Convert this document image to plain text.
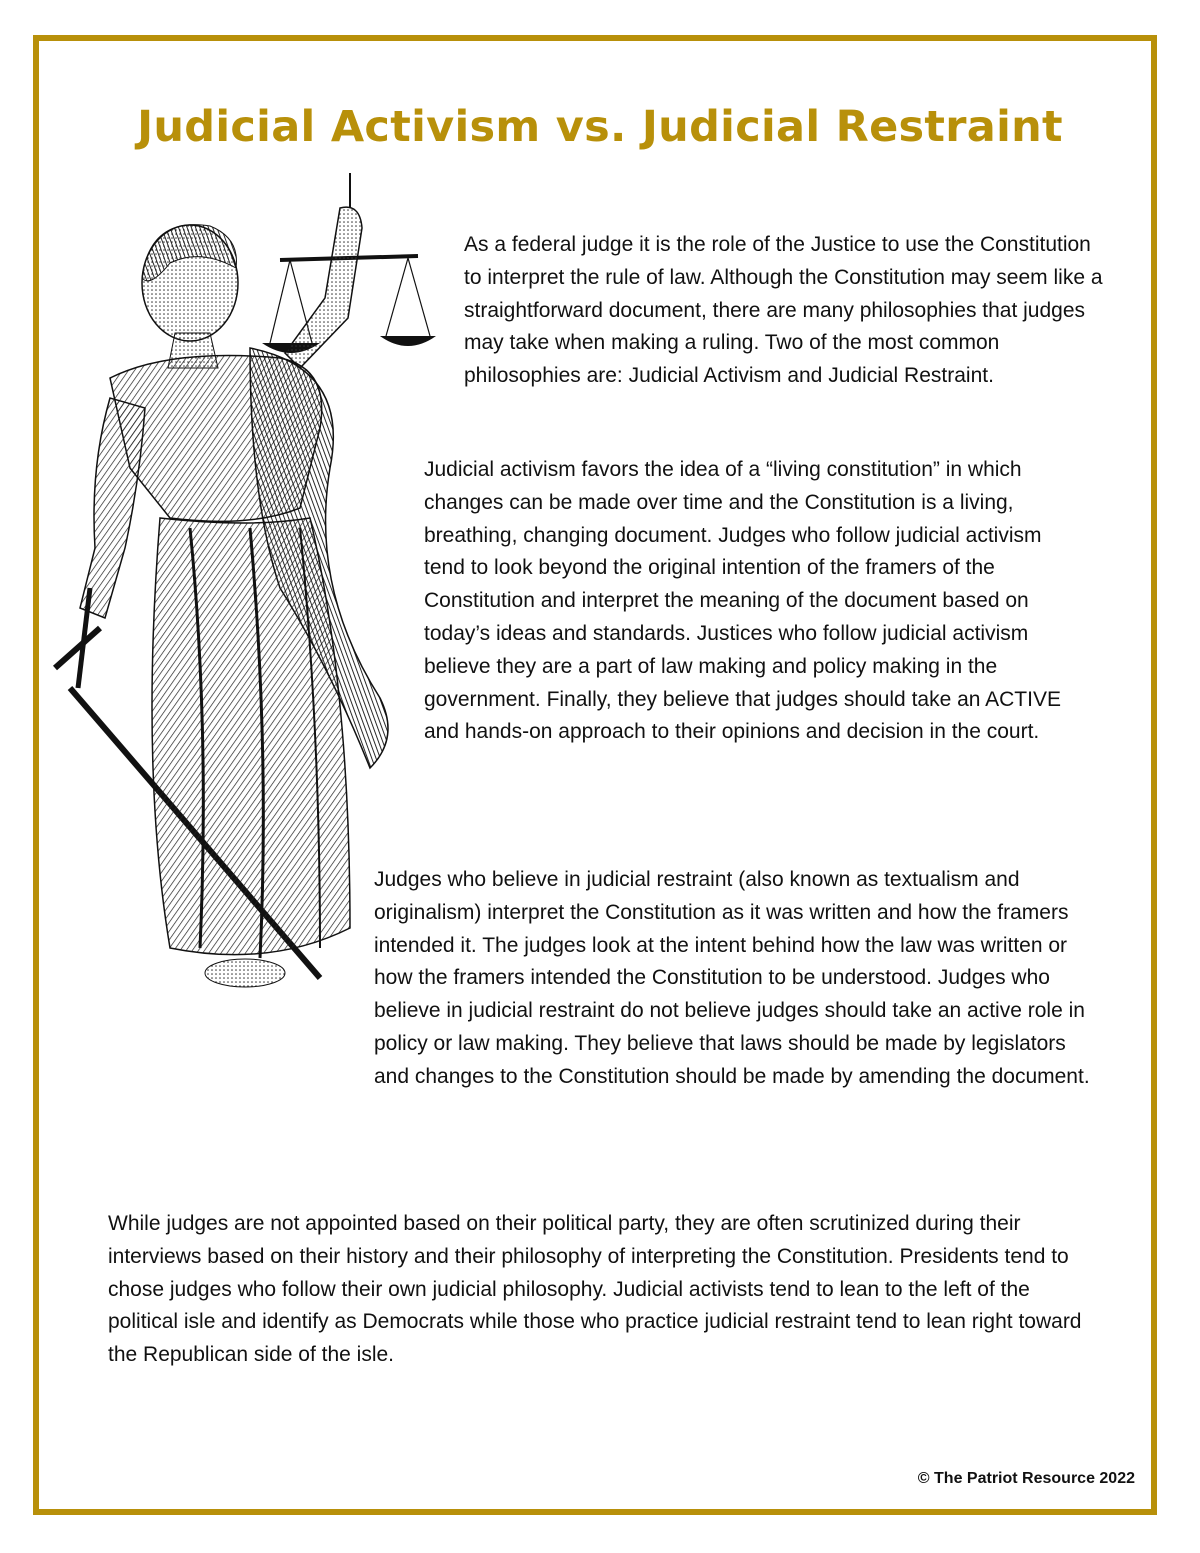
Judicial Activism vs. Judicial Restraint

As a federal judge it is the role of the Justice to use the Constitution to interpret the rule of law. Although the Constitution may seem like a straightforward document, there are many philosophies that judges may take when making a ruling. Two of the most common philosophies are: Judicial Activism and Judicial Restraint.

Judicial activism favors the idea of a “living constitution” in which changes can be made over time and the Constitution is a living, breathing, changing document. Judges who follow judicial activism tend to look beyond the original intention of the framers of the Constitution and interpret the meaning of the document based on today’s ideas and standards. Justices who follow judicial activism believe they are a part of law making and policy making in the government. Finally, they believe that judges should take an ACTIVE and hands-on approach to their opinions and decision in the court.

Judges who believe in judicial restraint (also known as textualism and originalism) interpret the Constitution as it was written and how the framers intended it. The judges look at the intent behind how the law was written or how the framers intended the Constitution to be understood. Judges who believe in judicial restraint do not believe judges should take an active role in policy or law making. They believe that laws should be made by legislators and changes to the Constitution should be made by amending the document.

While judges are not appointed based on their political party, they are often scrutinized during their interviews based on their history and their philosophy of interpreting the Constitution. Presidents tend to chose judges who follow their own judicial philosophy. Judicial activists tend to lean to the left of the political isle and identify as Democrats while those who practice judicial restraint tend to lean right toward the Republican side of the isle.

© The Patriot Resource 2022
